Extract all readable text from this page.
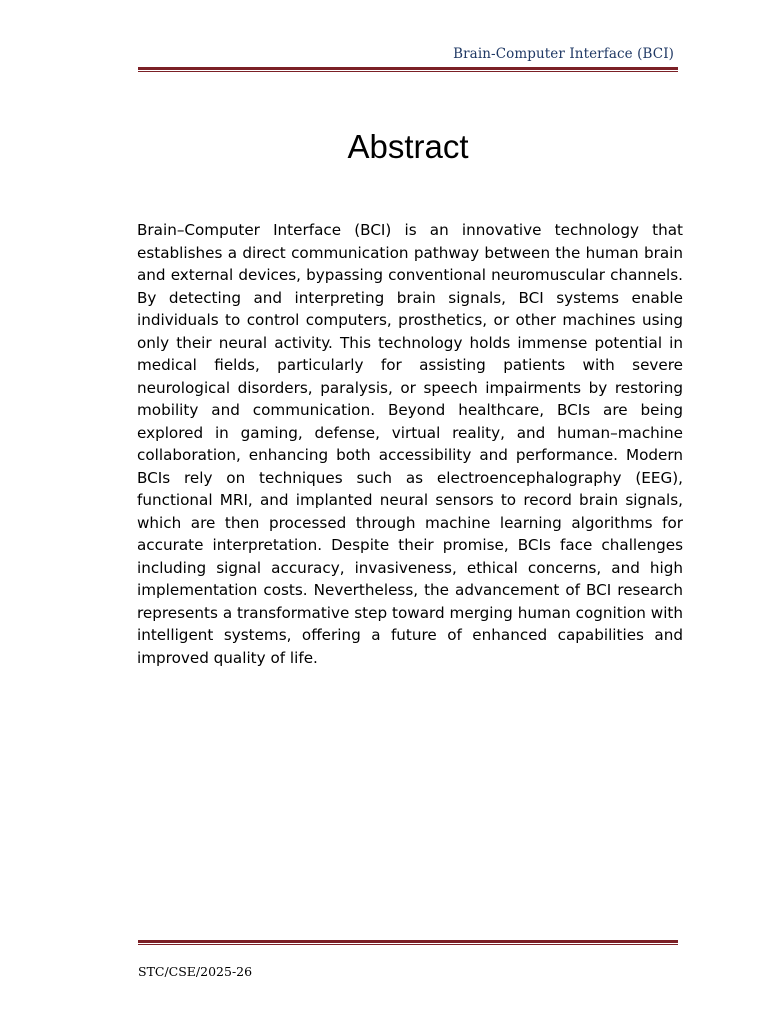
Brain-Computer Interface (BCI)
Abstract

Brain–Computer Interface (BCI) is an innovative technology that establishes a direct communication pathway between the human brain and external devices, bypassing conventional neuromuscular channels. By detecting and interpreting brain signals, BCI systems enable individuals to control computers, prosthetics, or other machines using only their neural activity. This technology holds immense potential in medical fields, particularly for assisting patients with severe neurological disorders, paralysis, or speech impairments by restoring mobility and communication. Beyond healthcare, BCIs are being explored in gaming, defense, virtual reality, and human–machine collaboration, enhancing both accessibility and performance. Modern BCIs rely on techniques such as electroencephalography (EEG), functional MRI, and implanted neural sensors to record brain signals, which are then processed through machine learning algorithms for accurate interpretation. Despite their promise, BCIs face challenges including signal accuracy, invasiveness, ethical concerns, and high implementation costs. Nevertheless, the advancement of BCI research represents a transformative step toward merging human cognition with intelligent systems, offering a future of enhanced capabilities and improved quality of life.

STC/CSE/2025-26
